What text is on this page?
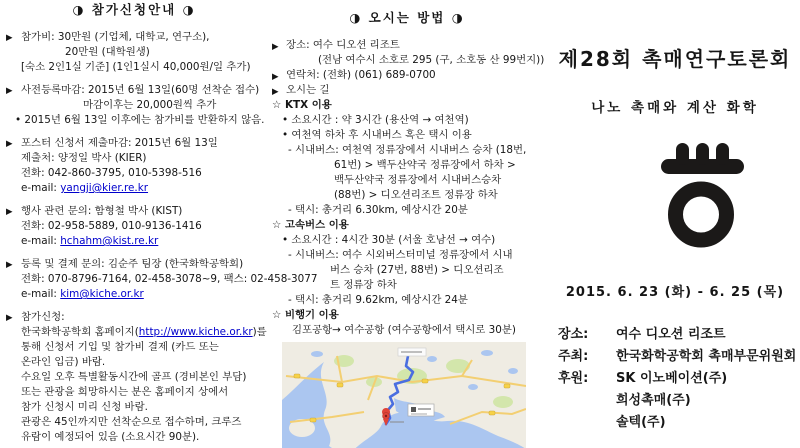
◑ 참가신청안내 ◑
▶ 참가비: 30만원 (기업체, 대학교, 연구소),
20만원 (대학원생)
[숙소 2인1실 기준] (1인1실시 40,000원/일 추가)
▶ 사전등록마감: 2015년 6월 13일(60명 선착순 접수)
마감이후는 20,000원씩 추가
• 2015년 6월 13일 이후에는 참가비를 반환하지 않음.
▶ 포스터 신청서 제출마감: 2015년 6월 13일
제출처: 양정일 박사 (KIER)
전화: 042-860-3795, 010-5398-516
e-mail: yangji@kier.re.kr
▶ 행사 관련 문의: 함형철 박사 (KIST)
전화: 02-958-5889, 010-9136-1416
e-mail: hchahm@kist.re.kr
▶ 등록 및 결제 문의: 김순주 팀장 (한국화학공학회)
전화: 070-8796-7164, 02-458-3078~9, 팩스: 02-458-3077
e-mail: kim@kiche.or.kr
▶ 참가신청:
한국화학공학회 홈페이지(http://www.kiche.or.kr)를
통해 신청서 기입 및 참가비 결제 (카드 또는
온라인 입금) 바람.
수요일 오후 특별활동시간에 골프 (경비본인 부담)
또는 관광을 희망하시는 분은 홈페이지 상에서
참가 신청시 미리 신청 바람.
관광은 45인까지만 선착순으로 접수하며, 크루즈
유람이 예정되어 있음 (소요시간 90분).
◑ 오시는 방법 ◑
▶ 장소: 여수 디오션 리조트
(전남 여수시 소호로 295 (구, 소호동 산 99번지))
▶ 연락처: (전화) (061) 689-0700
▶ 오시는 길
☆ KTX 이용
• 소요시간 : 약 3시간 (용산역 → 여천역)
• 여천역 하차 후 시내버스 혹은 택시 이용
- 시내버스: 여천역 정류장에서 시내버스 승차 (18번,
61번) > 백두산약국 정류장에서 하차 >
백두산약국 정류장에서 시내버스승차
(88번) > 디오션리조트 정류장 하차
- 택시: 총거리 6.30km, 예상시간 20분
☆ 고속버스 이용
• 소요시간 : 4시간 30분 (서울 호남선 → 여수)
- 시내버스: 여수 시외버스터미널 정류장에서 시내
버스 승차 (27번, 88번) > 디오션리조
트 정류장 하차
- 택시: 총거리 9.62km, 예상시간 24분
☆ 비행기 이용
김포공항→ 여수공항 (여수공항에서 택시로 30분)
제28회 촉매연구토론회
나노 촉매와 계산 화학
2015. 6. 23 (화) - 6. 25 (목)
장소:	여수 디오션 리조트
주최:	한국화학공학회 촉매부문위원회
후원:	SK 이노베이션(주)
희성촉매(주)
솔텍(주)
